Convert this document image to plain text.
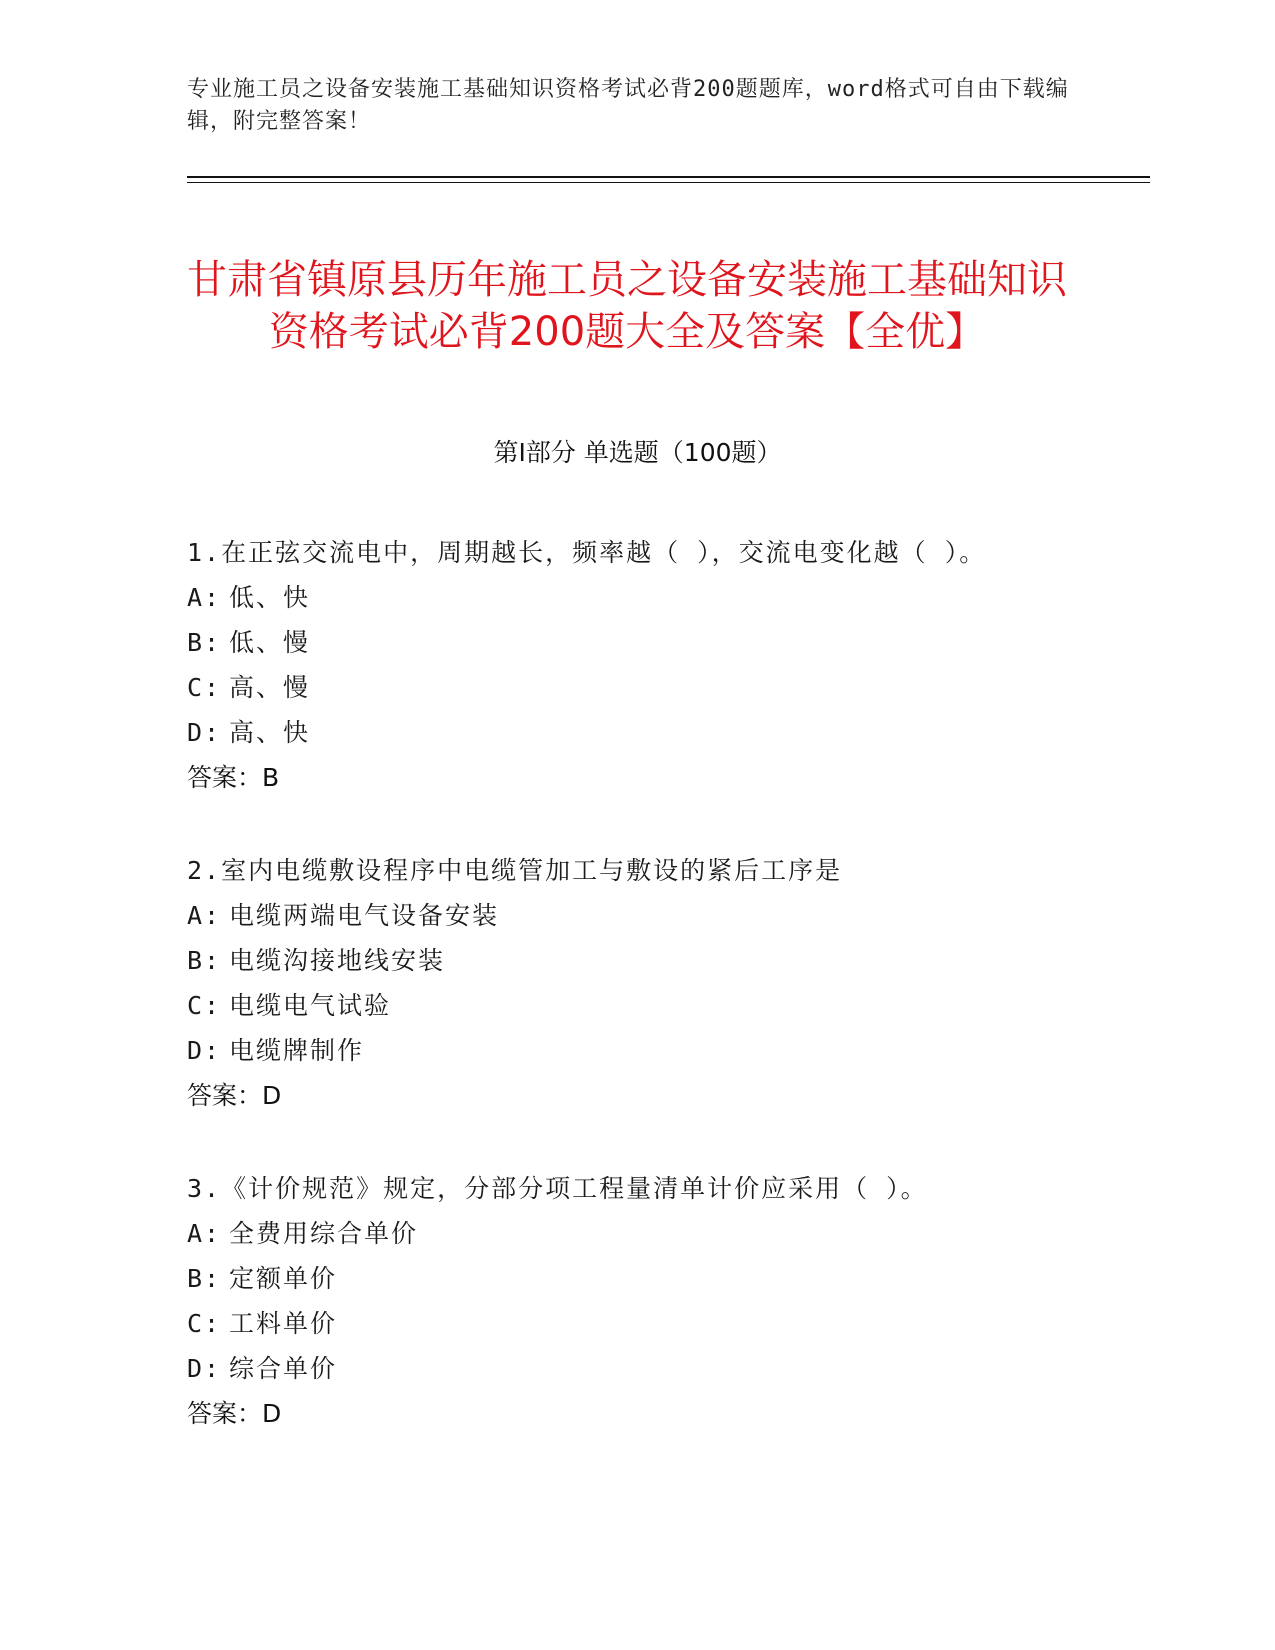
专业施工员之设备安装施工基础知识资格考试必背200题题库，word格式可自由下载编辑，附完整答案！
甘肃省镇原县历年施工员之设备安装施工基础知识资格考试必背200题大全及答案【全优】
第Ⅰ部分 单选题（100题）
1.在正弦交流电中，周期越长，频率越（ ），交流电变化越（ ）。
A: 低、快
B: 低、慢
C: 高、慢
D: 高、快
答案：B
2.室内电缆敷设程序中电缆管加工与敷设的紧后工序是
A: 电缆两端电气设备安装
B: 电缆沟接地线安装
C: 电缆电气试验
D: 电缆牌制作
答案：D
3.《计价规范》规定，分部分项工程量清单计价应采用（ ）。
A: 全费用综合单价
B: 定额单价
C: 工料单价
D: 综合单价
答案：D
